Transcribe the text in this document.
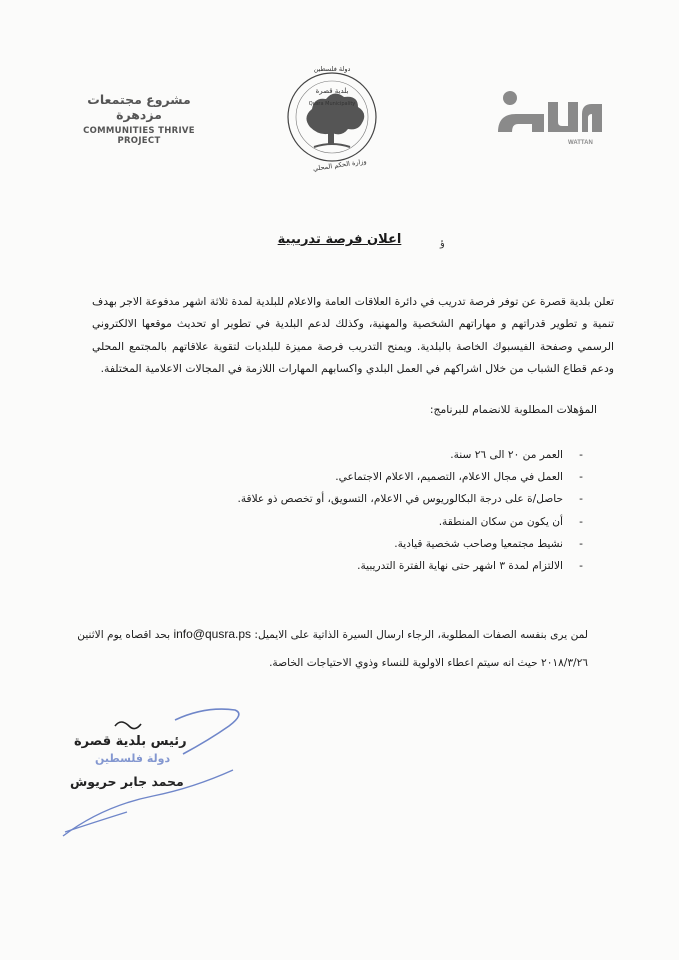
مشروع مجتمعات مزدهرة
COMMUNITIES THRIVE PROJECT
بلدية قصرة
دولة فلسطين
Qusra Municipality
وزارة الحكم المحلي
WATTAN
اعلان فرصة تدريبية	ؤ

تعلن بلدية قصرة عن توفر فرصة تدريب في دائرة العلاقات العامة والاعلام للبلدية لمدة ثلاثة اشهر مدفوعة الاجر بهدف تنمية و تطوير قدراتهم و مهاراتهم الشخصية والمهنية، وكذلك لدعم البلدية في تطوير او تحديث موقعها الالكتروني الرسمي وصفحة الفيسبوك الخاصة بالبلدية. ويمنح التدريب فرصة مميزة للبلديات لتقوية علاقاتهم بالمجتمع المحلي ودعم قطاع الشباب من خلال اشراكهم في العمل البلدي واكسابهم المهارات اللازمة في المجالات الاعلامية المختلفة.

المؤهلات المطلوبة للانضمام للبرنامج:
-
العمر من ٢٠ الى ٢٦ سنة.
-
العمل في مجال الاعلام، التصميم، الاعلام الاجتماعي.
-
حاصل/ة على درجة البكالوريوس في الاعلام، التسويق، أو تخصص ذو علاقة.
-
أن يكون من سكان المنطقة.
-
نشيط مجتمعيا وصاحب شخصية قيادية.
-
الالتزام لمدة ٣ اشهر حتى نهاية الفترة التدريبية.
لمن يرى بنفسه الصفات المطلوبة، الرجاء ارسال السيرة الذاتية على الايميل: info@qusra.ps بحد اقصاه يوم الاثنين
٢٠١٨/٣/٢٦ حيث انه سيتم اعطاء الاولوية للنساء وذوي الاحتياجات الخاصة.
دولة فلسطين
رئيس بلدية قصرة
محمد جابر حريوش
